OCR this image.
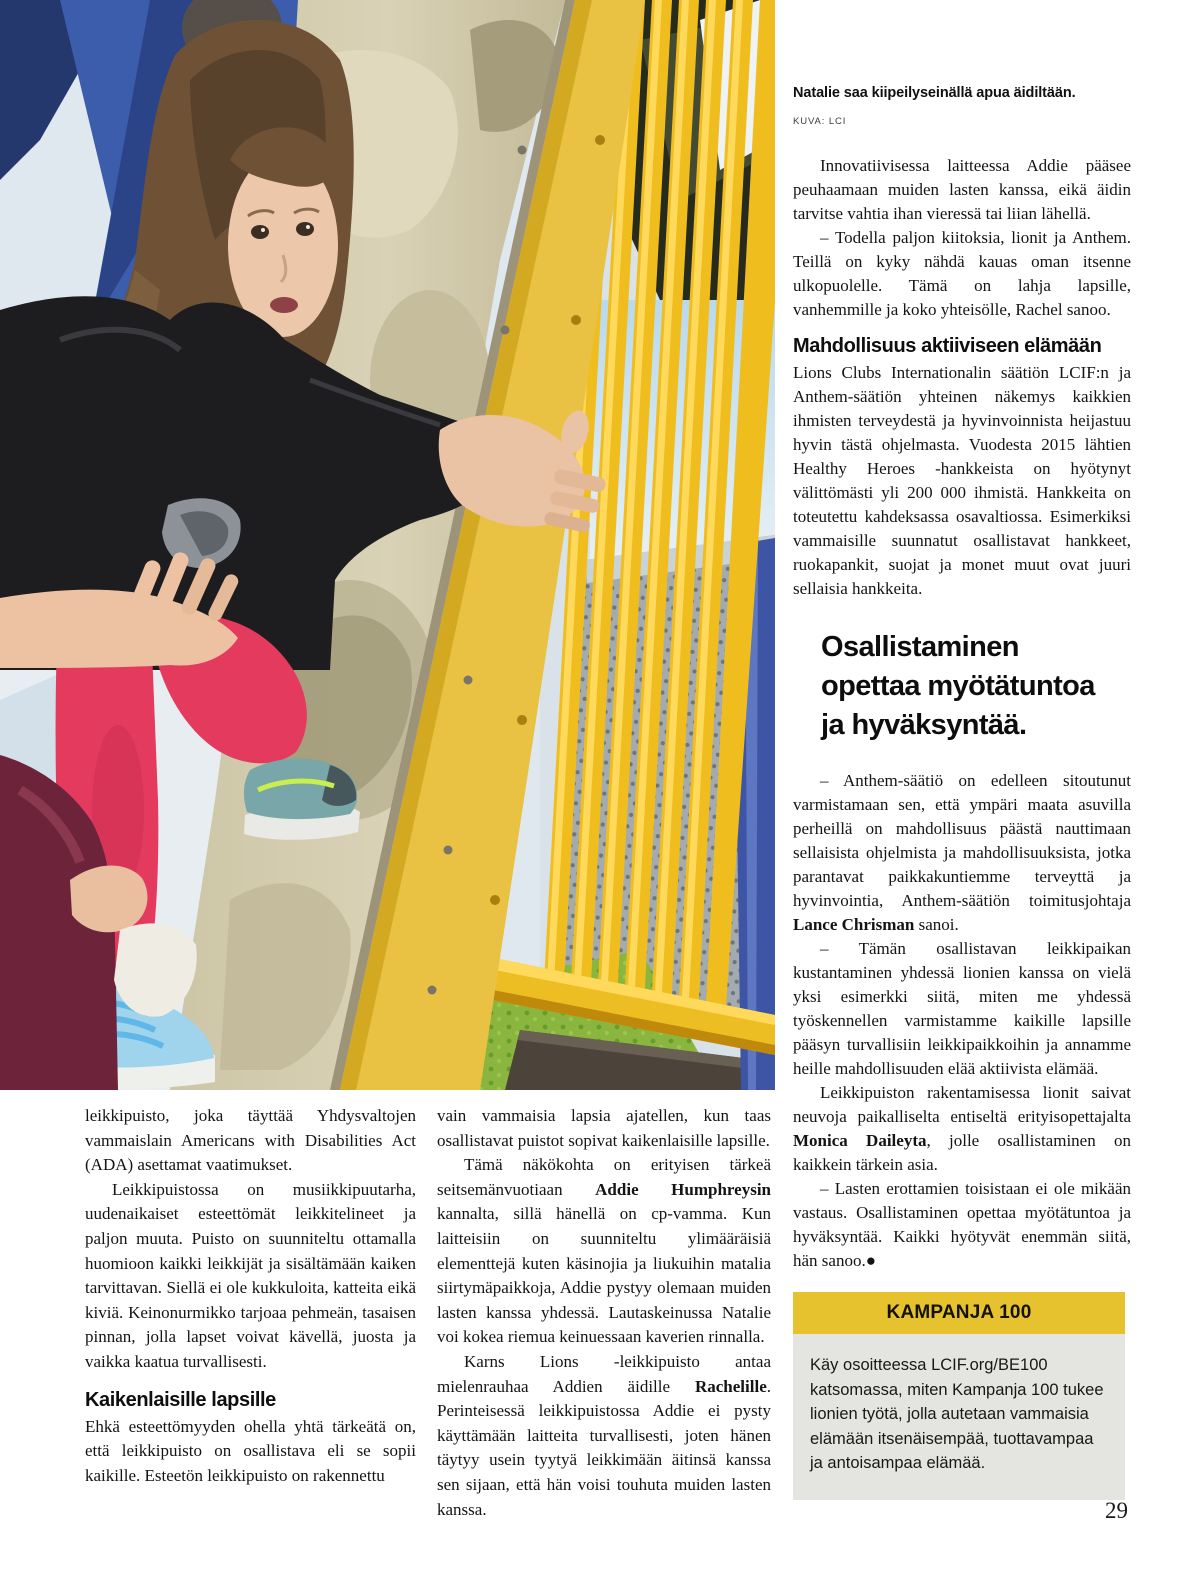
Natalie saa kiipeilyseinällä apua äidiltään.
KUVA: LCI

Innovatiivisessa laitteessa Addie pääsee peuhaamaan muiden lasten kanssa, eikä äidin tarvitse vahtia ihan vieressä tai liian lähellä.

– Todella paljon kiitoksia, lionit ja Anthem. Teillä on kyky nähdä kauas oman itsenne ulkopuolelle. Tämä on lahja lapsille, vanhemmille ja koko yhteisölle, Rachel sanoo.

Mahdollisuus aktiiviseen elämään

Lions Clubs Internationalin säätiön LCIF:n ja Anthem-säätiön yhteinen näkemys kaikkien ihmisten terveydestä ja hyvinvoinnista heijastuu hyvin tästä ohjelmasta. Vuodesta 2015 lähtien Healthy Heroes -hankkeista on hyötynyt välittömästi yli 200 000 ihmistä. Hankkeita on toteutettu kahdeksassa osavaltiossa. Esimerkiksi vammaisille suunnatut osallistavat hankkeet, ruokapankit, suojat ja monet muut ovat juuri sellaisia hankkeita.

Osallistaminen opettaa myötätuntoa ja hyväksyntää.

– Anthem-säätiö on edelleen sitoutunut varmistamaan sen, että ympäri maata asuvilla perheillä on mahdollisuus päästä nauttimaan sellaisista ohjelmista ja mahdollisuuksista, jotka parantavat paikkakuntiemme terveyttä ja hyvinvointia, Anthem-säätiön toimitusjohtaja Lance Chrisman sanoi.

– Tämän osallistavan leikkipaikan kustantaminen yhdessä lionien kanssa on vielä yksi esimerkki siitä, miten me yhdessä työskennellen varmistamme kaikille lapsille pääsyn turvallisiin leikkipaikkoihin ja annamme heille mahdollisuuden elää aktiivista elämää.

Leikkipuiston rakentamisessa lionit saivat neuvoja paikalliselta entiseltä erityisopettajalta Monica Daileyta, jolle osallistaminen on kaikkein tärkein asia.

– Lasten erottamien toisistaan ei ole mikään vastaus. Osallistaminen opettaa myötätuntoa ja hyväksyntää. Kaikki hyötyvät enemmän siitä, hän sanoo.●

KAMPANJA 100
Käy osoitteessa LCIF.org/BE100 katsomassa, miten Kampanja 100 tukee lionien työtä, jolla autetaan vammaisia elämään itsenäisempää, tuottavampaa ja antoisampaa elämää.

leikkipuisto, joka täyttää Yhdysvaltojen vammaislain Americans with Disabilities Act (ADA) asettamat vaatimukset.

Leikkipuistossa on musiikkipuutarha, uudenaikaiset esteettömät leikkitelineet ja paljon muuta. Puisto on suunniteltu ottamalla huomioon kaikki leikkijät ja sisältämään kaiken tarvittavan. Siellä ei ole kukkuloita, katteita eikä kiviä. Keinonurmikko tarjoaa pehmeän, tasaisen pinnan, jolla lapset voivat kävellä, juosta ja vaikka kaatua turvallisesti.

Kaikenlaisille lapsille

Ehkä esteettömyyden ohella yhtä tärkeätä on, että leikkipuisto on osallistava eli se sopii kaikille. Esteetön leikkipuisto on rakennettu

vain vammaisia lapsia ajatellen, kun taas osallistavat puistot sopivat kaikenlaisille lapsille.

Tämä näkökohta on erityisen tärkeä seitsemänvuotiaan Addie Humphreysin kannalta, sillä hänellä on cp-vamma. Kun laitteisiin on suunniteltu ylimääräisiä elementtejä kuten käsinojia ja liukuihin matalia siirtymäpaikkoja, Addie pystyy olemaan muiden lasten kanssa yhdessä. Lautaskeinussa Natalie voi kokea riemua keinuessaan kaverien rinnalla.

Karns Lions -leikkipuisto antaa mielenrauhaa Addien äidille Rachelille. Perinteisessä leikkipuistossa Addie ei pysty käyttämään laitteita turvallisesti, joten hänen täytyy usein tyytyä leikkimään äitinsä kanssa sen sijaan, että hän voisi touhuta muiden lasten kanssa.	29
